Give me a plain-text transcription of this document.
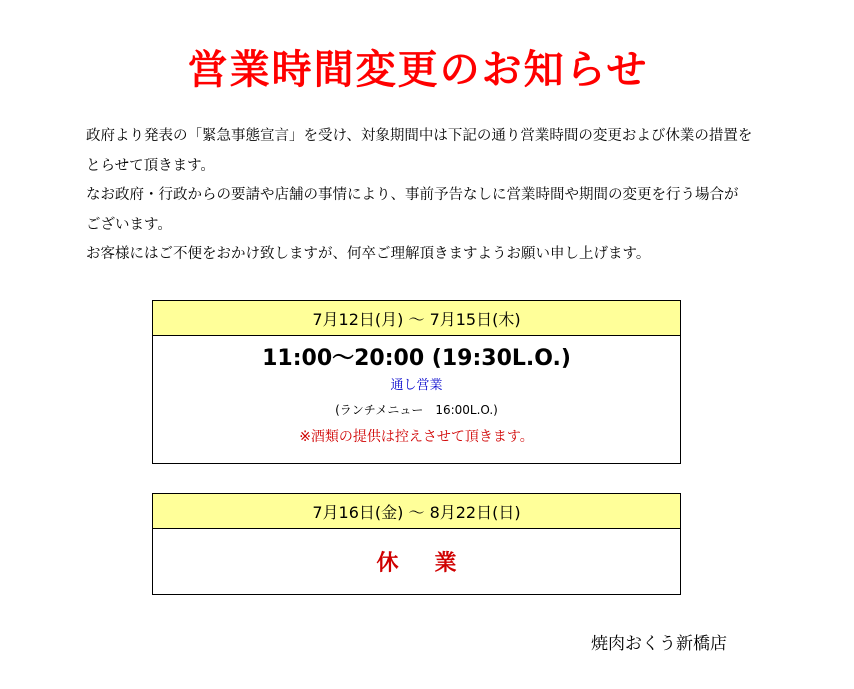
営業時間変更のお知らせ

政府より発表の「緊急事態宣言」を受け、対象期間中は下記の通り営業時間の変更および休業の措置を

とらせて頂きます。

なお政府・行政からの要請や店舗の事情により、事前予告なしに営業時間や期間の変更を行う場合が

ございます。

お客様にはご不便をおかけ致しますが、何卒ご理解頂きますようお願い申し上げます。

7月12日(月) ～ 7月15日(木)
11:00～20:00 (19:30L.O.)
通し営業
(ランチメニュー　16:00L.O.)
※酒類の提供は控えさせて頂きます。
7月16日(金) ～ 8月22日(日)
休業
焼肉おくう新橋店
